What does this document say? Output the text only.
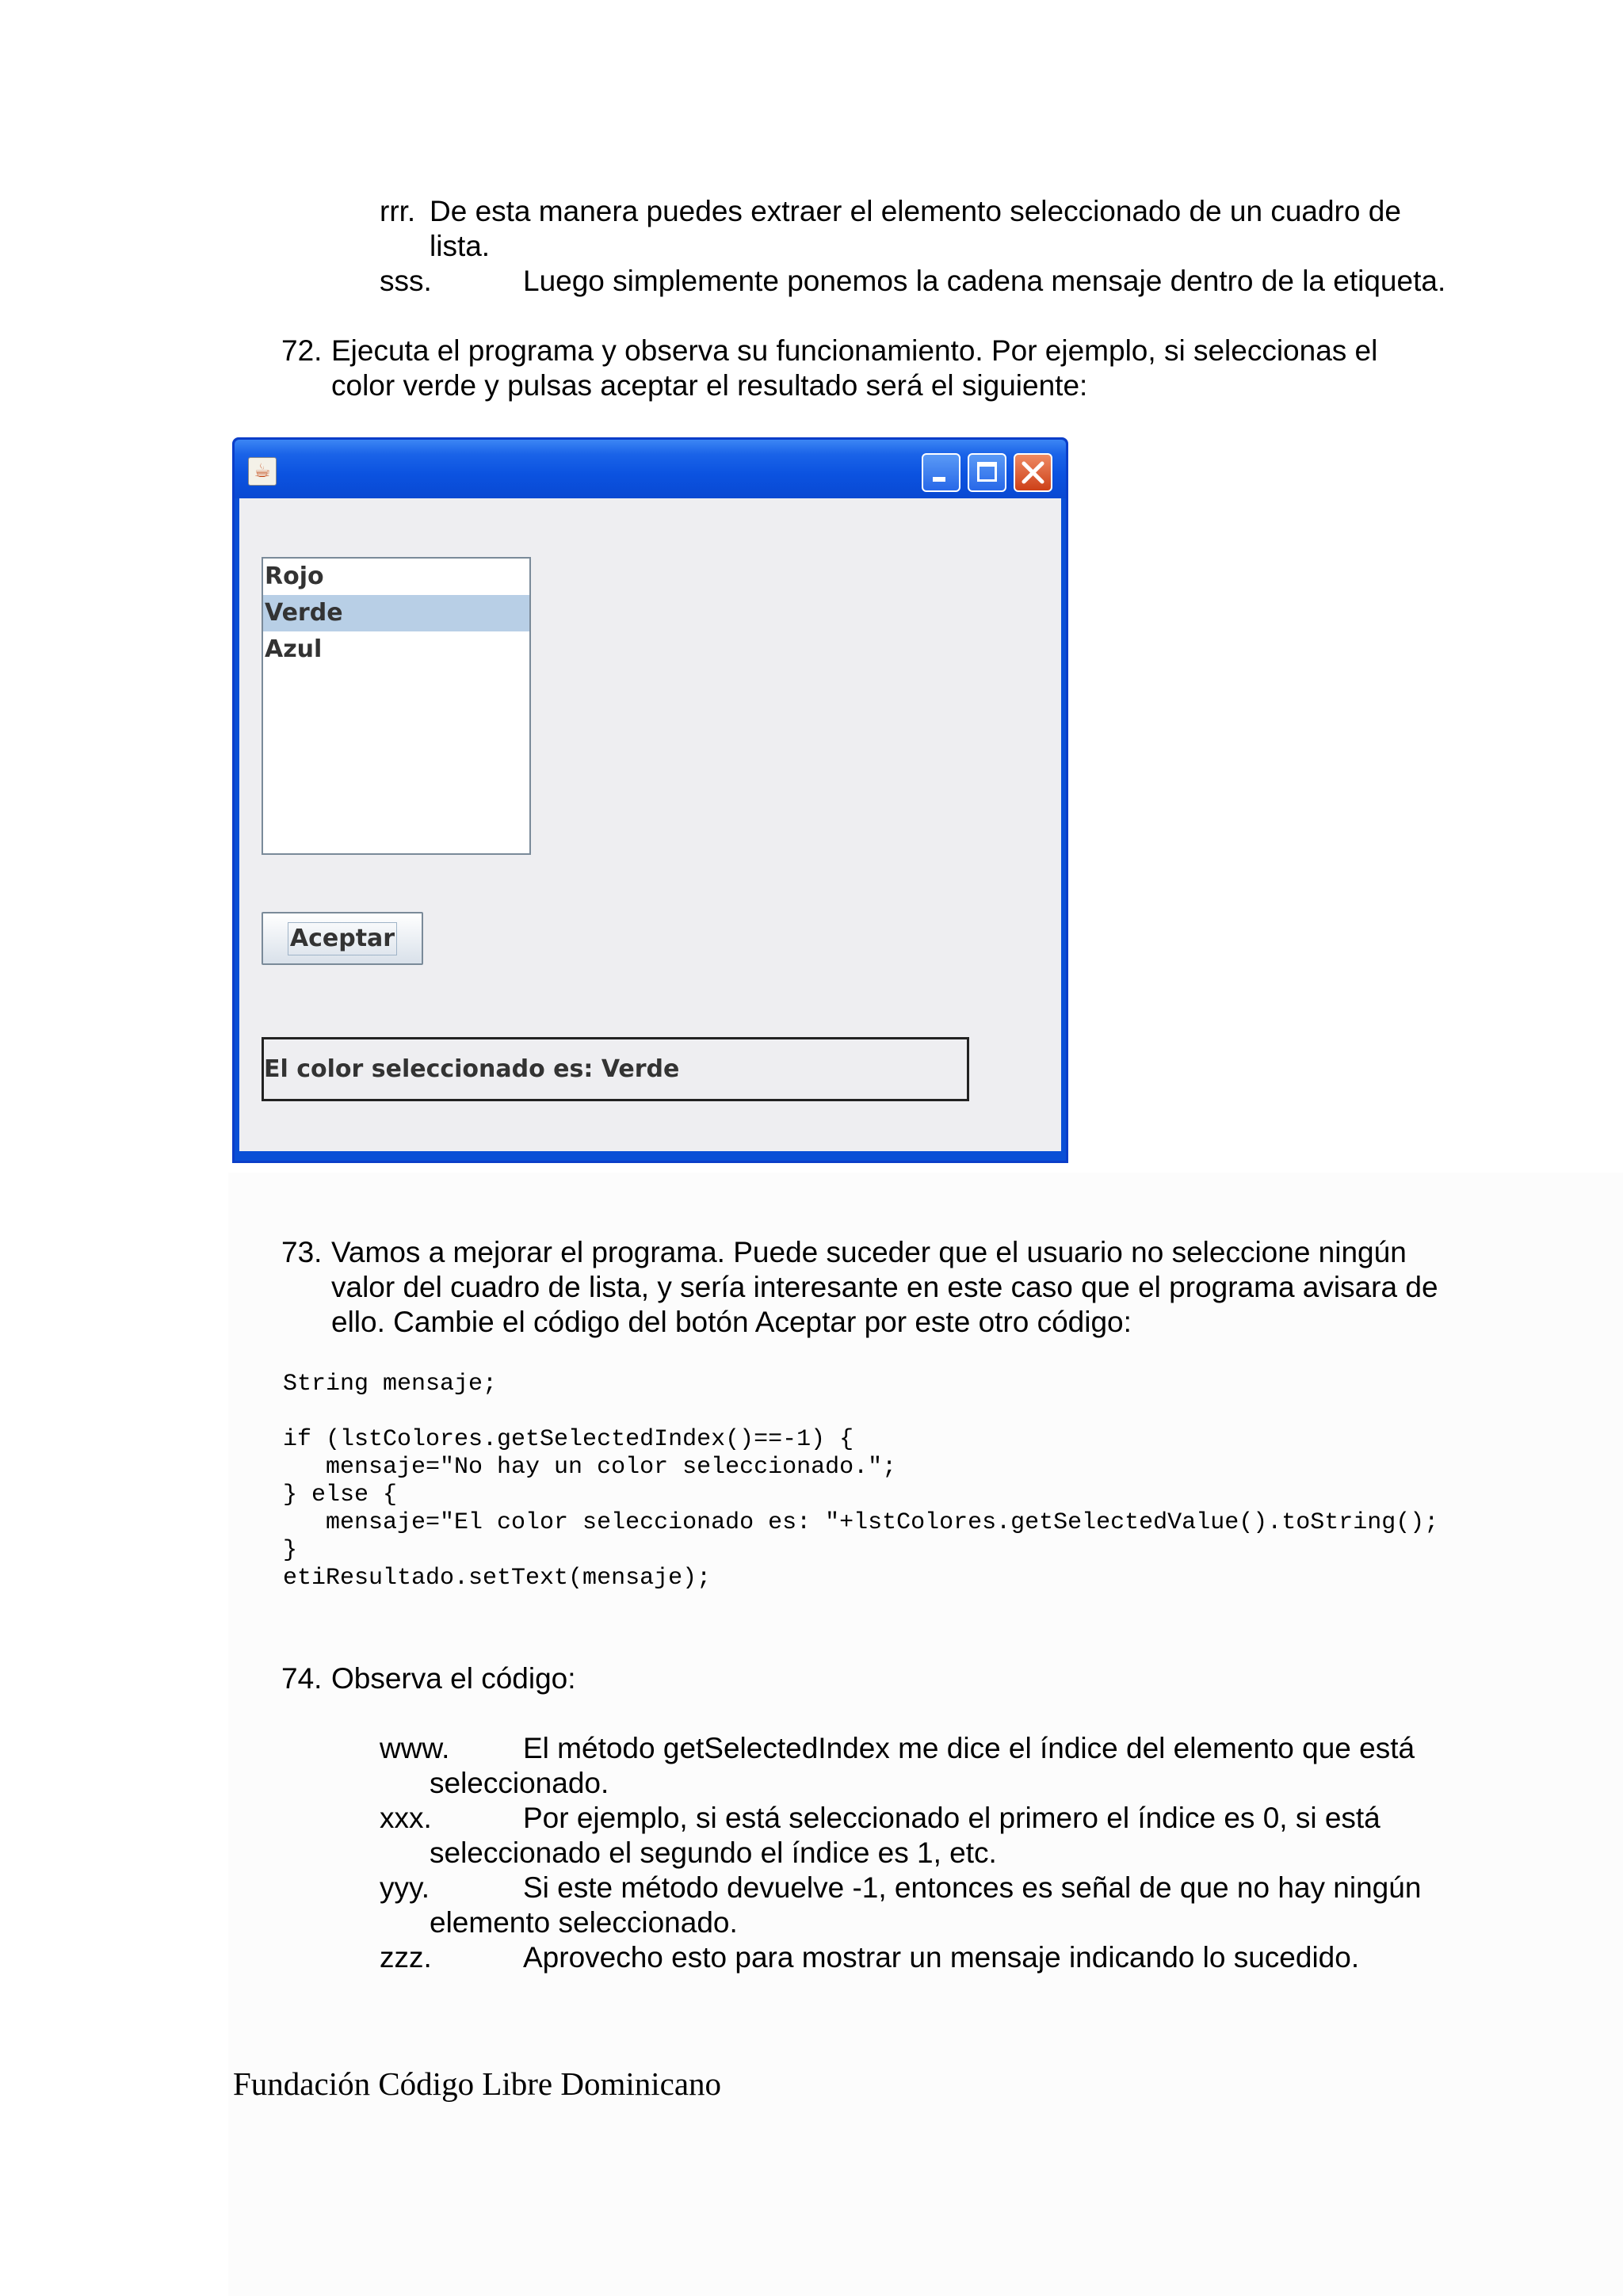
rrr. De esta manera puedes extraer el elemento seleccionado de un cuadro de
lista.
sss.	Luego simplemente ponemos la cadena mensaje dentro de la etiqueta.
72. Ejecuta el programa y observa su funcionamiento. Por ejemplo, si seleccionas el
color verde y pulsas aceptar el resultado será el siguiente:
☕
Rojo
Verde
Azul
Aceptar
El color seleccionado es: Verde
73. Vamos a mejorar el programa. Puede suceder que el usuario no seleccione ningún
valor del cuadro de lista, y sería interesante en este caso que el programa avisara de
ello. Cambie el código del botón Aceptar por este otro código:
String mensaje;

if (lstColores.getSelectedIndex()==-1) {
mensaje="No hay un color seleccionado.";
} else {
mensaje="El color seleccionado es: "+lstColores.getSelectedValue().toString();
}
etiResultado.setText(mensaje);
74. Observa el código:
www.	El método getSelectedIndex me dice el índice del elemento que está
seleccionado.
xxx.	Por ejemplo, si está seleccionado el primero el índice es 0, si está
seleccionado el segundo el índice es 1, etc.
yyy.	Si este método devuelve -1, entonces es señal de que no hay ningún
elemento seleccionado.
zzz.	Aprovecho esto para mostrar un mensaje indicando lo sucedido.
Fundación Código Libre Dominicano
